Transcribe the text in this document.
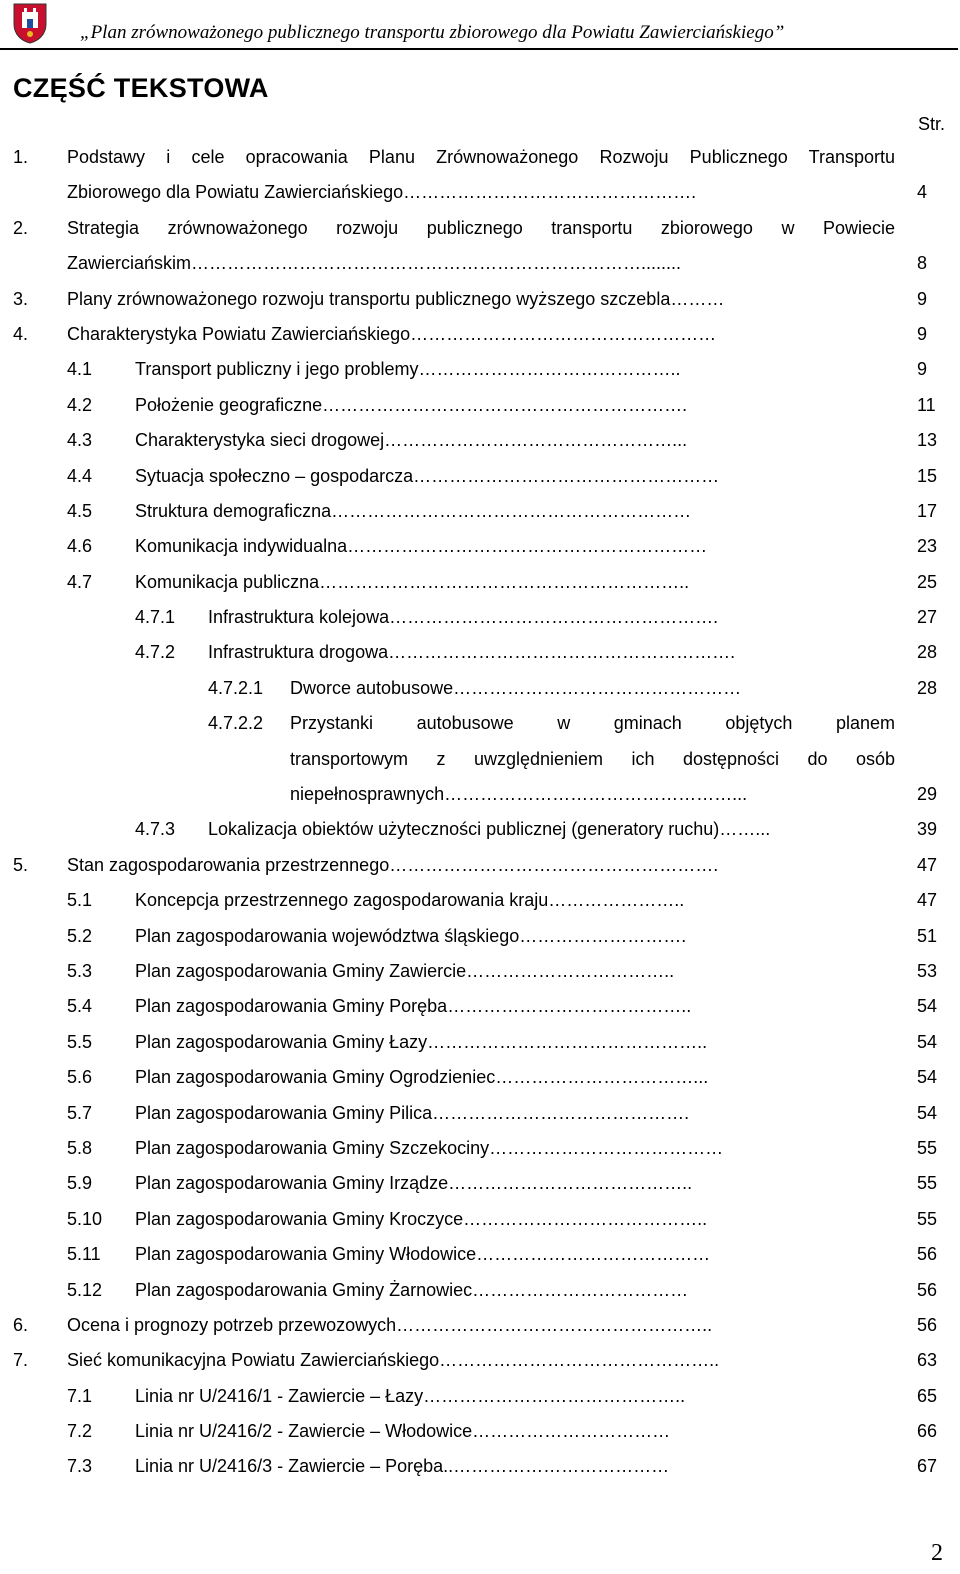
„Plan zrównoważonego publicznego transportu zbiorowego dla Powiatu Zawierciańskiego”
CZĘŚĆ TEKSTOWA
Str.
1. Podstawy i cele opracowania Planu Zrównoważonego Rozwoju Publicznego Transportu
Zbiorowego dla Powiatu Zawierciańskiego………………………………………….	4
2. Strategia zrównoważonego rozwoju publicznego transportu zbiorowego w Powiecie
Zawierciańskim…………………………………………………………………........	8
3. Plany zrównoważonego rozwoju transportu publicznego wyższego szczebla………	9
4. Charakterystyka Powiatu Zawierciańskiego……………………………………………	9
4.1 Transport publiczny i jego problemy……………………………………..	9
4.2 Położenie geograficzne…………………………………………………….	11
4.3 Charakterystyka sieci drogowej…………………………………………...	13
4.4 Sytuacja społeczno – gospodarcza……………………………………………	15
4.5 Struktura demograficzna……………………………………………………	17
4.6 Komunikacja indywidualna……………………………………………………	23
4.7 Komunikacja publiczna……………………………………………………..	25
4.7.1 Infrastruktura kolejowa……………………………………………….	27
4.7.2 Infrastruktura drogowa………………………………………………….	28
4.7.2.1 Dworce autobusowe…………………………………………	28
4.7.2.2 Przystanki autobusowe w gminach objętych planem
transportowym z uwzględnieniem ich dostępności do osób
niepełnosprawnych…………………………………………...	29
4.7.3 Lokalizacja obiektów użyteczności publicznej (generatory ruchu)……...	39
5. Stan zagospodarowania przestrzennego……………………………………………….	47
5.1 Koncepcja przestrzennego zagospodarowania kraju…………………..	47
5.2 Plan zagospodarowania województwa śląskiego……………………….	51
5.3 Plan zagospodarowania Gminy Zawiercie……………………………..	53
5.4 Plan zagospodarowania Gminy Poręba…………………………………..	54
5.5 Plan zagospodarowania Gminy Łazy………………………………………..	54
5.6 Plan zagospodarowania Gminy Ogrodzieniec……………………………...	54
5.7 Plan zagospodarowania Gminy Pilica…………………………………….	54
5.8 Plan zagospodarowania Gminy Szczekociny…………………………………	55
5.9 Plan zagospodarowania Gminy Irządze…………………………………..	55
5.10 Plan zagospodarowania Gminy Kroczyce…………………………………..	55
5.11 Plan zagospodarowania Gminy Włodowice…………………………………	56
5.12 Plan zagospodarowania Gminy Żarnowiec………………………………	56
6. Ocena i prognozy potrzeb przewozowych……………………………………………..	56
7. Sieć komunikacyjna Powiatu Zawierciańskiego………………………………………..	63
7.1 Linia nr U/2416/1 - Zawiercie – Łazy……………………………………..	65
7.2 Linia nr U/2416/2 - Zawiercie – Włodowice……………………………	66
7.3 Linia nr U/2416/3 - Zawiercie – Poręba..………………………………	67
2
